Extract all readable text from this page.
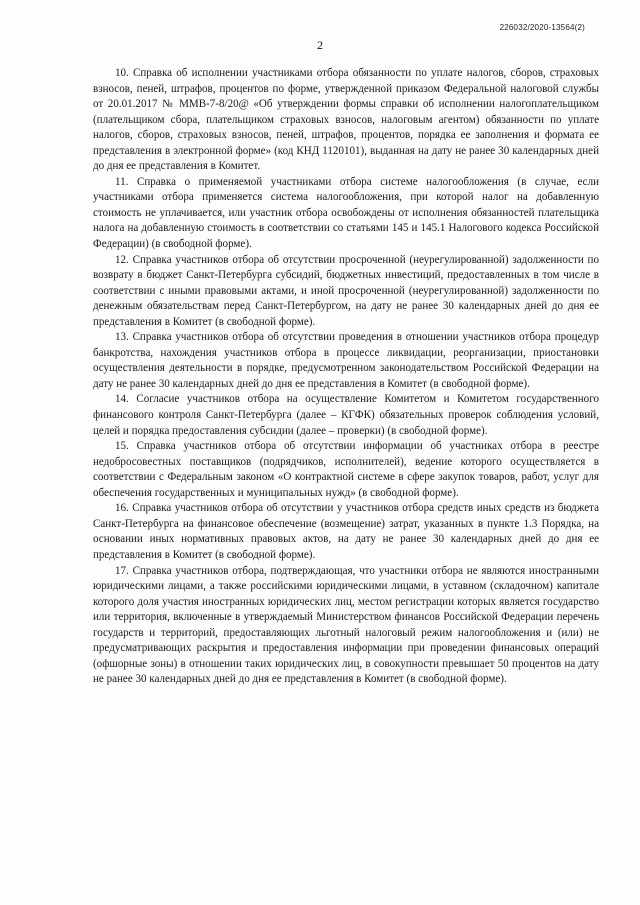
226032/2020-13564(2)
2

10. Справка об исполнении участниками отбора обязанности по уплате налогов, сборов, страховых взносов, пеней, штрафов, процентов по форме, утвержденной приказом Федеральной налоговой службы от 20.01.2017 № ММВ-7-8/20@ «Об утверждении формы справки об исполнении налогоплательщиком (плательщиком сбора, плательщиком страховых взносов, налоговым агентом) обязанности по уплате налогов, сборов, страховых взносов, пеней, штрафов, процентов, порядка ее заполнения и формата ее представления в электронной форме» (код КНД 1120101), выданная на дату не ранее 30 календарных дней до дня ее представления в Комитет.

11. Справка о применяемой участниками отбора системе налогообложения (в случае, если участниками отбора применяется система налогообложения, при которой налог на добавленную стоимость не уплачивается, или участник отбора освобождены от исполнения обязанностей плательщика налога на добавленную стоимость в соответствии со статьями 145 и 145.1 Налогового кодекса Российской Федерации) (в свободной форме).

12. Справка участников отбора об отсутствии просроченной (неурегулированной) задолженности по возврату в бюджет Санкт-Петербурга субсидий, бюджетных инвестиций, предоставленных в том числе в соответствии с иными правовыми актами, и иной просроченной (неурегулированной) задолженности по денежным обязательствам перед Санкт-Петербургом, на дату не ранее 30 календарных дней до дня ее представления в Комитет (в свободной форме).

13. Справка участников отбора об отсутствии проведения в отношении участников отбора процедур банкротства, нахождения участников отбора в процессе ликвидации, реорганизации, приостановки осуществления деятельности в порядке, предусмотренном законодательством Российской Федерации на дату не ранее 30 календарных дней до дня ее представления в Комитет (в свободной форме).

14. Согласие участников отбора на осуществление Комитетом и Комитетом государственного финансового контроля Санкт-Петербурга (далее – КГФК) обязательных проверок соблюдения условий, целей и порядка предоставления субсидии (далее – проверки) (в свободной форме).

15. Справка участников отбора об отсутствии информации об участниках отбора в реестре недобросовестных поставщиков (подрядчиков, исполнителей), ведение которого осуществляется в соответствии с Федеральным законом «О контрактной системе в сфере закупок товаров, работ, услуг для обеспечения государственных и муниципальных нужд» (в свободной форме).

16. Справка участников отбора об отсутствии у участников отбора средств иных средств из бюджета Санкт-Петербурга на финансовое обеспечение (возмещение) затрат, указанных в пункте 1.3 Порядка, на основании иных нормативных правовых актов, на дату не ранее 30 календарных дней до дня ее представления в Комитет (в свободной форме).

17. Справка участников отбора, подтверждающая, что участники отбора не являются иностранными юридическими лицами, а также российскими юридическими лицами, в уставном (складочном) капитале которого доля участия иностранных юридических лиц, местом регистрации которых является государство или территория, включенные в утверждаемый Министерством финансов Российской Федерации перечень государств и территорий, предоставляющих льготный налоговый режим налогообложения и (или) не предусматривающих раскрытия и предоставления информации при проведении финансовых операций (офшорные зоны) в отношении таких юридических лиц, в совокупности превышает 50 процентов на дату не ранее 30 календарных дней до дня ее представления в Комитет (в свободной форме).
